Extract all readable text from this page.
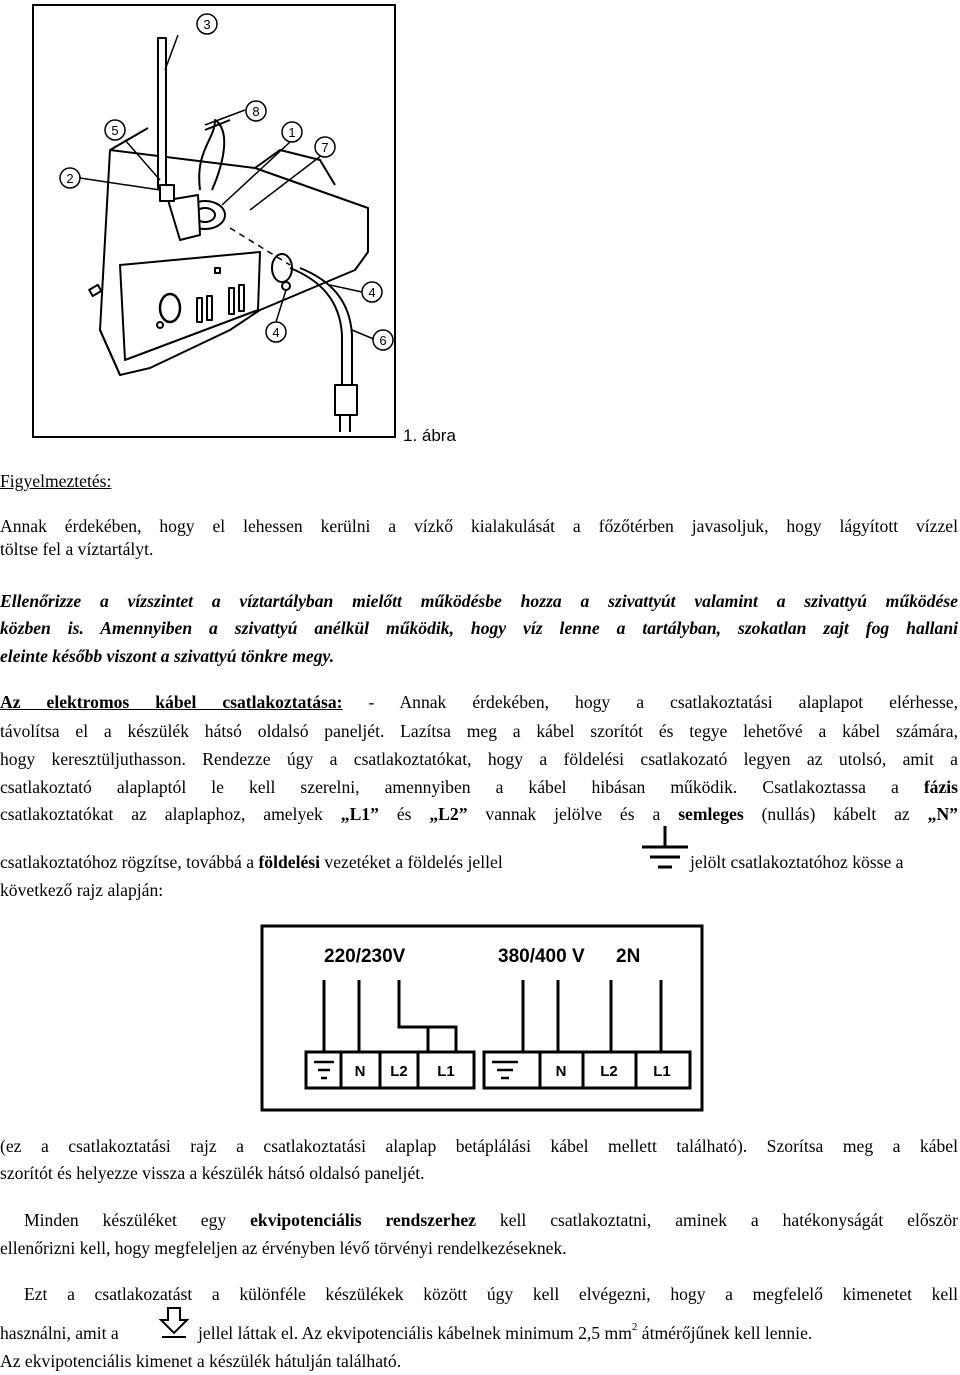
3
8
5
2
1
7
4
4
6
1. ábra
Figyelmeztetés:
Annak érdekében, hogy el lehessen kerülni a vízkő kialakulását a főzőtérben javasoljuk, hogy lágyított vízzel
töltse fel a víztartályt.
Ellenőrizze a vízszintet a víztartályban mielőtt működésbe hozza a szivattyút valamint a szivattyú működése
közben is. Amennyiben a szivattyú anélkül működik, hogy víz lenne a tartályban, szokatlan zajt fog hallani
eleinte később viszont a szivattyú tönkre megy.
Az elektromos kábel csatlakoztatása: - Annak érdekében, hogy a csatlakoztatási alaplapot elérhesse,
távolítsa el a készülék hátsó oldalsó paneljét. Lazítsa meg a kábel szorítót és tegye lehetővé a kábel számára,
hogy keresztüljuthasson. Rendezze úgy a csatlakoztatókat, hogy a földelési csatlakozató legyen az utolsó, amit a
csatlakoztató alaplaptól le kell szerelni, amennyiben a kábel hibásan működik. Csatlakoztassa a fázis
csatlakoztatókat az alaplaphoz, amelyek „L1” és „L2” vannak jelölve és a semleges (nullás) kábelt az „N”
csatlakoztatóhoz rögzítse, továbbá a földelési vezetéket a földelés jellel	jelölt csatlakoztatóhoz kösse a
következő rajz alapján:
220/230V	380/400 V 2N
N L2 L1	N L2 L1
(ez a csatlakoztatási rajz a csatlakoztatási alaplap betáplálási kábel mellett található). Szorítsa meg a kábel
szorítót és helyezze vissza a készülék hátsó oldalsó paneljét.
Minden készüléket egy ekvipotenciális rendszerhez kell csatlakoztatni, aminek a hatékonyságát először
ellenőrizni kell, hogy megfeleljen az érvényben lévő törvényi rendelkezéseknek.
Ezt a csatlakozatást a különféle készülékek között úgy kell elvégezni, hogy a megfelelő kimenetet kell
használni, amit a	jellel láttak el. Az ekvipotenciális kábelnek minimum 2,5 $mm^2$ átmérőjűnek kell lennie.
Az ekvipotenciális kimenet a készülék hátulján található.
